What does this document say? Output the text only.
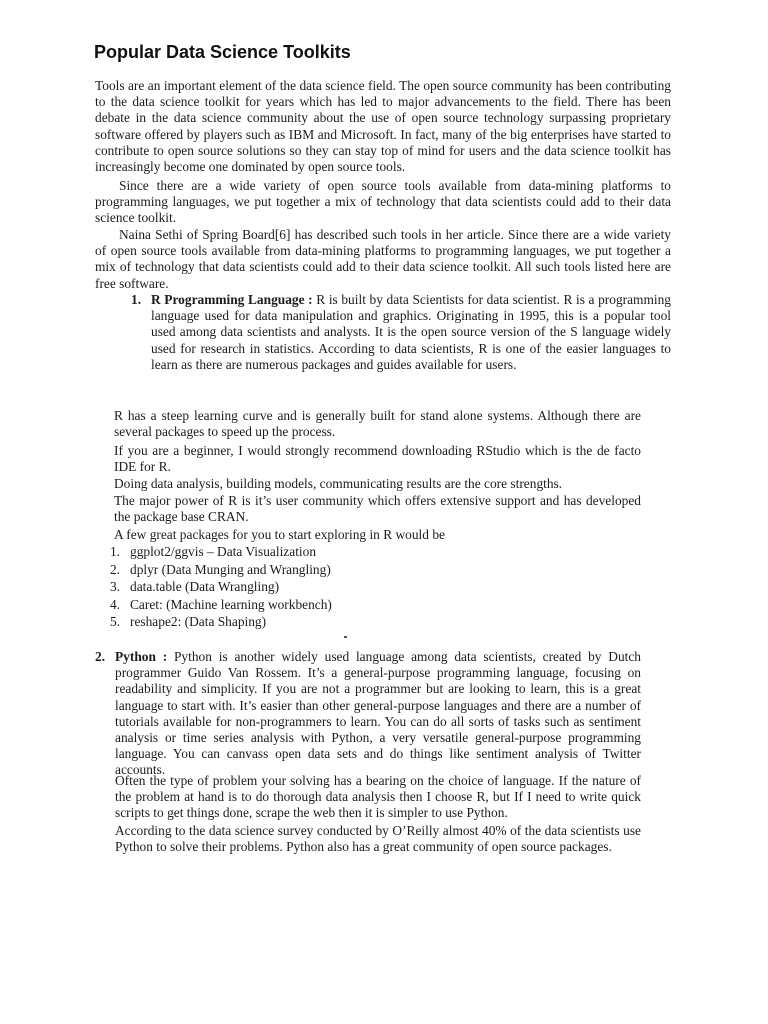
Popular Data Science Toolkits

Tools are an important element of the data science field. The open source community has been contributing to the data science toolkit for years which has led to major advancements to the field. There has been debate in the data science community about the use of open source technology surpassing proprietary software offered by players such as IBM and Microsoft. In fact, many of the big enterprises have started to contribute to open source solutions so they can stay top of mind for users and the data science toolkit has increasingly become one dominated by open source tools.

Since there are a wide variety of open source tools available from data-mining platforms to programming languages, we put together a mix of technology that data scientists could add to their data science toolkit.

Naina Sethi of Spring Board[6] has described such tools in her article. Since there are a wide variety of open source tools available from data-mining platforms to programming languages, we put together a mix of technology that data scientists could add to their data science toolkit. All such tools listed here are free software.

1. R Programming Language : R is built by data Scientists for data scientist. R is a programming language used for data manipulation and graphics. Originating in 1995, this is a popular tool used among data scientists and analysts. It is the open source version of the S language widely used for research in statistics. According to data scientists, R is one of the easier languages to learn as there are numerous packages and guides available for users.

R has a steep learning curve and is generally built for stand alone systems. Although there are several packages to speed up the process.

If you are a beginner, I would strongly recommend downloading RStudio which is the de facto IDE for R.

Doing data analysis, building models, communicating results are the core strengths.

The major power of R is it’s user community which offers extensive support and has developed the package base CRAN.

A few great packages for you to start exploring in R would be

1. ggplot2/ggvis – Data Visualization
2. dplyr (Data Munging and Wrangling)
3. data.table (Data Wrangling)
4. Caret: (Machine learning workbench)
5. reshape2: (Data Shaping)
2. Python : Python is another widely used language among data scientists, created by Dutch programmer Guido Van Rossem. It’s a general-purpose programming language, focusing on readability and simplicity. If you are not a programmer but are looking to learn, this is a great language to start with. It’s easier than other general-purpose languages and there are a number of tutorials available for non-programmers to learn. You can do all sorts of tasks such as sentiment analysis or time series analysis with Python, a very versatile general-purpose programming language. You can canvass open data sets and do things like sentiment analysis of Twitter accounts.

Often the type of problem your solving has a bearing on the choice of language. If the nature of the problem at hand is to do thorough data analysis then I choose R, but If I need to write quick scripts to get things done, scrape the web then it is simpler to use Python.

According to the data science survey conducted by O’Reilly almost 40% of the data scientists use Python to solve their problems. Python also has a great community of open source packages.
